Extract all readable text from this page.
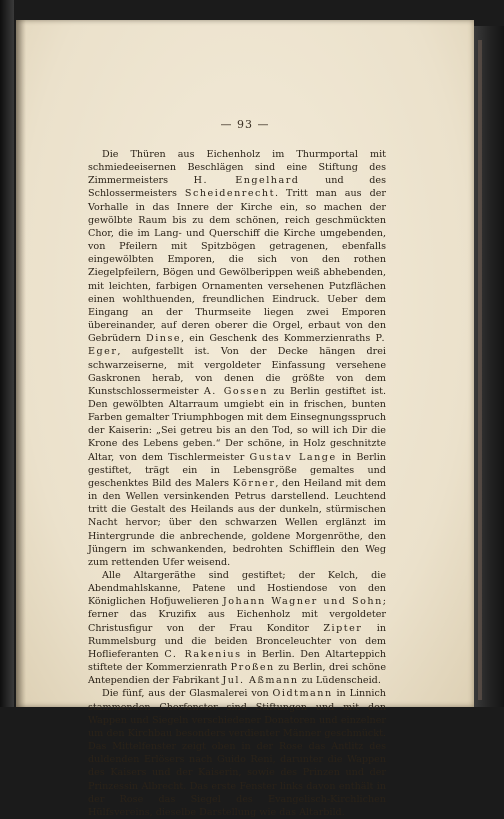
— 93 —

Die Thüren aus Eichenholz im Thurmportal mit schmiedeeisernen Beschlägen sind eine Stiftung des Zimmermeisters H. Engelhard und des Schlossermeisters Scheidenrecht. Tritt man aus der Vorhalle in das Innere der Kirche ein, so machen der gewölbte Raum bis zu dem schönen, reich geschmückten Chor, die im Lang- und Querschiff die Kirche umgebenden, von Pfeilern mit Spitzbögen getragenen, ebenfalls eingewölbten Emporen, die sich von den rothen Ziegelpfeilern, Bögen und Gewölberippen weiß abhebenden, mit leichten, farbigen Ornamenten versehenen Putzflächen einen wohlthuenden, freundlichen Eindruck. Ueber dem Eingang an der Thurmseite liegen zwei Emporen übereinander, auf deren oberer die Orgel, erbaut von den Gebrüdern Dinse, ein Geschenk des Kommerzienraths P. Eger, aufgestellt ist. Von der Decke hängen drei schwarzeiserne, mit vergoldeter Einfassung versehene Gaskronen herab, von denen die größte von dem Kunstschlossermeister A. Gossen zu Berlin gestiftet ist. Den gewölbten Altarraum umgiebt ein in frischen, bunten Farben gemalter Triumphbogen mit dem Einsegnungsspruch der Kaiserin: „Sei getreu bis an den Tod, so will ich Dir die Krone des Lebens geben.“ Der schöne, in Holz geschnitzte Altar, von dem Tischlermeister Gustav Lange in Berlin gestiftet, trägt ein in Lebensgröße gemaltes und geschenktes Bild des Malers Körner, den Heiland mit dem in den Wellen versinkenden Petrus darstellend. Leuchtend tritt die Gestalt des Heilands aus der dunkeln, stürmischen Nacht hervor; über den schwarzen Wellen erglänzt im Hintergrunde die anbrechende, goldene Morgenröthe, den Jüngern im schwankenden, bedrohten Schifflein den Weg zum rettenden Ufer weisend.

Alle Altargeräthe sind gestiftet; der Kelch, die Abendmahlskanne, Patene und Hostiendose von den Königlichen Hofjuwelieren Johann Wagner und Sohn; ferner das Kruzifix aus Eichenholz mit vergoldeter Christusfigur von der Frau Konditor Zipter in Rummelsburg und die beiden Bronceleuchter von dem Hoflieferanten C. Rakenius in Berlin. Den Altarteppich stiftete der Kommerzienrath Proßen zu Berlin, drei schöne Antependien der Fabrikant Jul. Aßmann zu Lüdenscheid.

Die fünf, aus der Glasmalerei von Oidtmann in Linnich stammenden Chorfenster sind Stiftungen und mit den Wappen und Siegeln verschiedener Donatoren und einzelner um den Kirchbau besonders verdienter Männer geschmückt. Das Mittelfenster zeigt oben in der Rose das Antlitz des duldenden Erlösers nach Guido Reni, darunter die Wappen des Kaisers und der Kaiserin, sowie des Prinzen und der Prinzessin Albrecht. Das erste Fenster links davon enthält in der Rose das Siegel des Evangelisch-Kirchlichen Hülfsvereins, dieselbe Darstellung wie das Altarbild.
